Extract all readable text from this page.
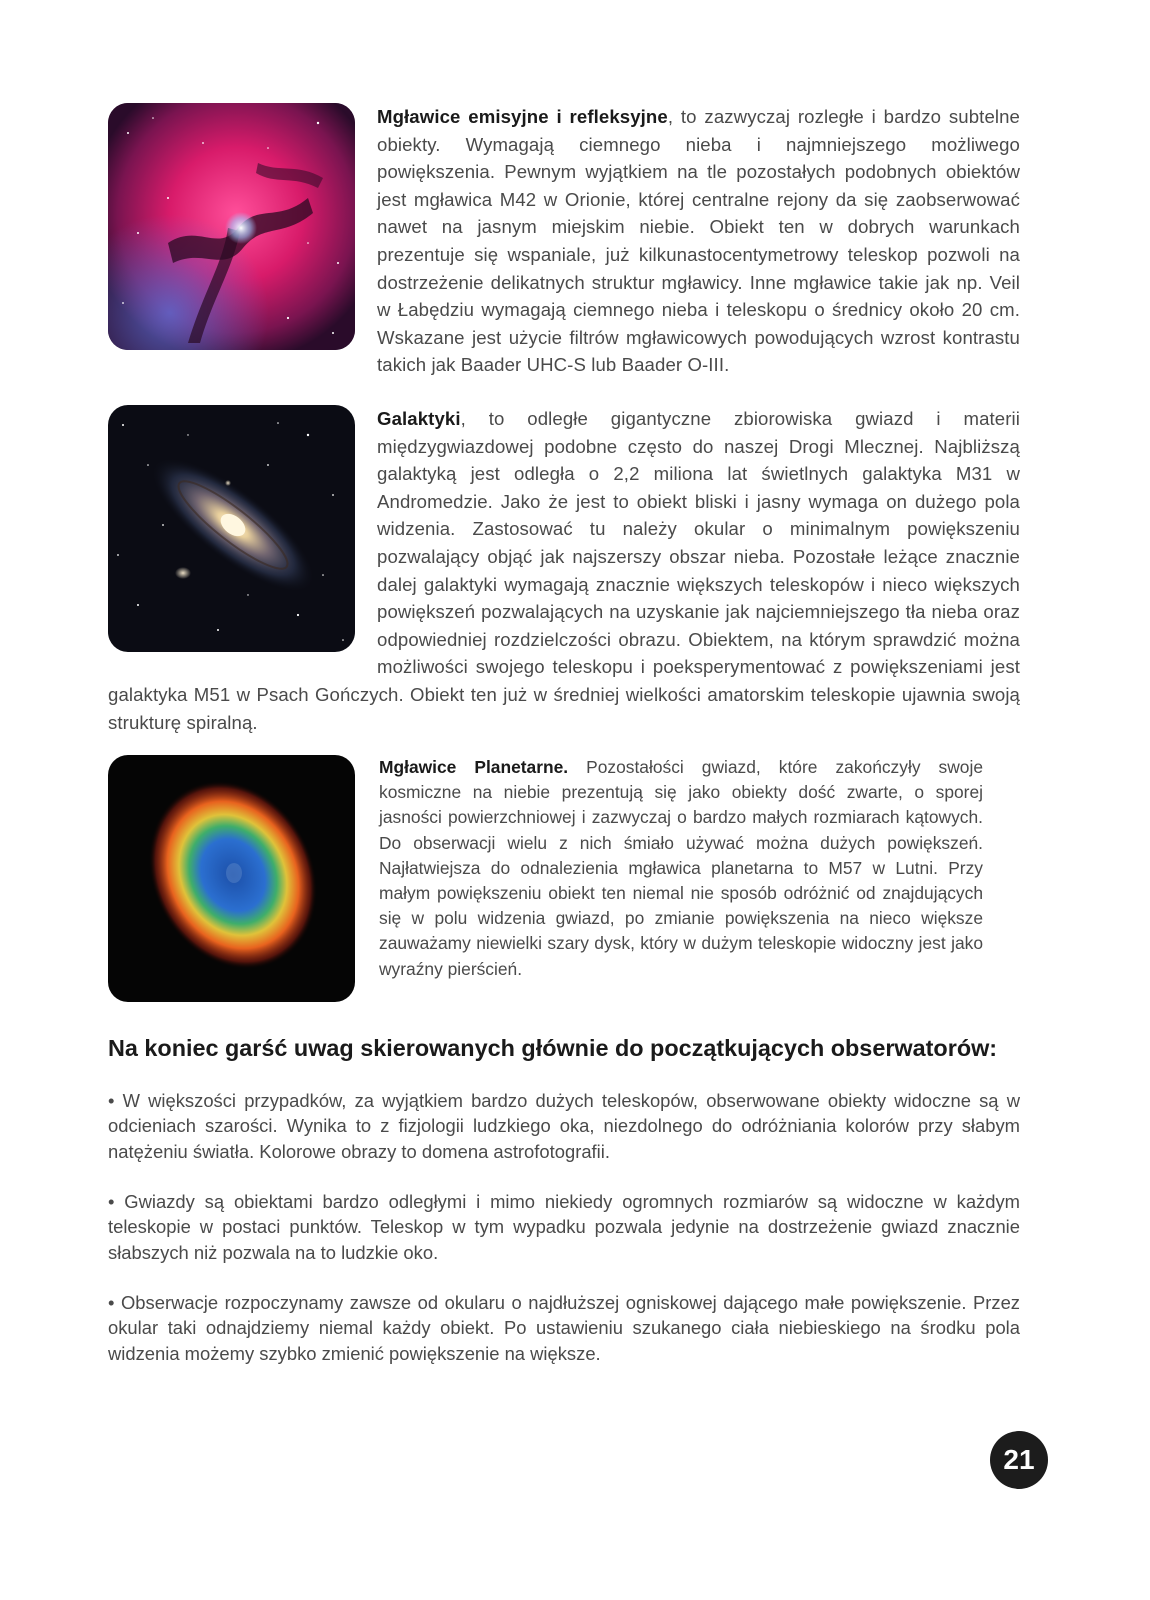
Mgławice emisyjne i refleksyjne, to zazwyczaj rozległe i bardzo subtelne obiekty. Wymagają ciemnego nieba i najmniejszego możliwego powiększenia. Pewnym wyjątkiem na tle pozostałych podobnych obiektów jest mgławica M42 w Orionie, której centralne rejony da się zaobserwować nawet na jasnym miejskim niebie. Obiekt ten w dobrych warunkach prezentuje się wspaniale, już kilkunastocentymetrowy teleskop pozwoli na dostrzeżenie delikatnych struktur mgławicy. Inne mgławice takie jak np. Veil w Łabędziu wymagają ciemnego nieba i teleskopu o średnicy około 20 cm. Wskazane jest użycie filtrów mgławicowych powodujących wzrost kontrastu takich jak Baader UHC-S lub Baader O-III.

Galaktyki, to odległe gigantyczne zbiorowiska gwiazd i materii międzygwiazdowej podobne często do naszej Drogi Mlecznej. Najbliższą galaktyką jest odległa o 2,2 miliona lat świetlnych galaktyka M31 w Andromedzie. Jako że jest to obiekt bliski i jasny wymaga on dużego pola widzenia. Zastosować tu należy okular o minimalnym powiększeniu pozwalający objąć jak najszerszy obszar nieba. Pozostałe leżące znacznie dalej galaktyki wymagają znacznie większych teleskopów i nieco większych powiększeń pozwalających na uzyskanie jak najciemniejszego tła nieba oraz odpowiedniej rozdzielczości obrazu. Obiektem, na którym sprawdzić można możliwości swojego teleskopu i poeksperymentować z powiększeniami jest galaktyka M51 w Psach Gończych. Obiekt ten już w średniej wielkości amatorskim teleskopie ujawnia swoją strukturę spiralną.

Mgławice Planetarne. Pozostałości gwiazd, które zakończyły swoje kosmiczne na niebie prezentują się jako obiekty dość zwarte, o sporej jasności powierzchniowej i zazwyczaj o bardzo małych rozmiarach kątowych. Do obserwacji wielu z nich śmiało używać można dużych powiększeń. Najłatwiejsza do odnalezienia mgławica planetarna to M57 w Lutni. Przy małym powiększeniu obiekt ten niemal nie sposób odróżnić od znajdujących się w polu widzenia gwiazd, po zmianie powiększenia na nieco większe zauważamy niewielki szary dysk, który w dużym teleskopie widoczny jest jako wyraźny pierścień.

Na koniec garść uwag skierowanych głównie do początkujących obserwatorów:

• W większości przypadków, za wyjątkiem bardzo dużych teleskopów, obserwowane obiekty widoczne są w odcieniach szarości. Wynika to z fizjologii ludzkiego oka, niezdolnego do odróżniania kolorów przy słabym natężeniu światła. Kolorowe obrazy to domena astrofotografii.

• Gwiazdy są obiektami bardzo odległymi i mimo niekiedy ogromnych rozmiarów są widoczne w każdym teleskopie w postaci punktów. Teleskop w tym wypadku pozwala jedynie na dostrzeżenie gwiazd znacznie słabszych niż pozwala na to ludzkie oko.

• Obserwacje rozpoczynamy zawsze od okularu o najdłuższej ogniskowej dającego małe powiększenie. Przez okular taki odnajdziemy niemal każdy obiekt. Po ustawieniu szukanego ciała niebieskiego na środku pola widzenia możemy szybko zmienić powiększenie na większe.

21
